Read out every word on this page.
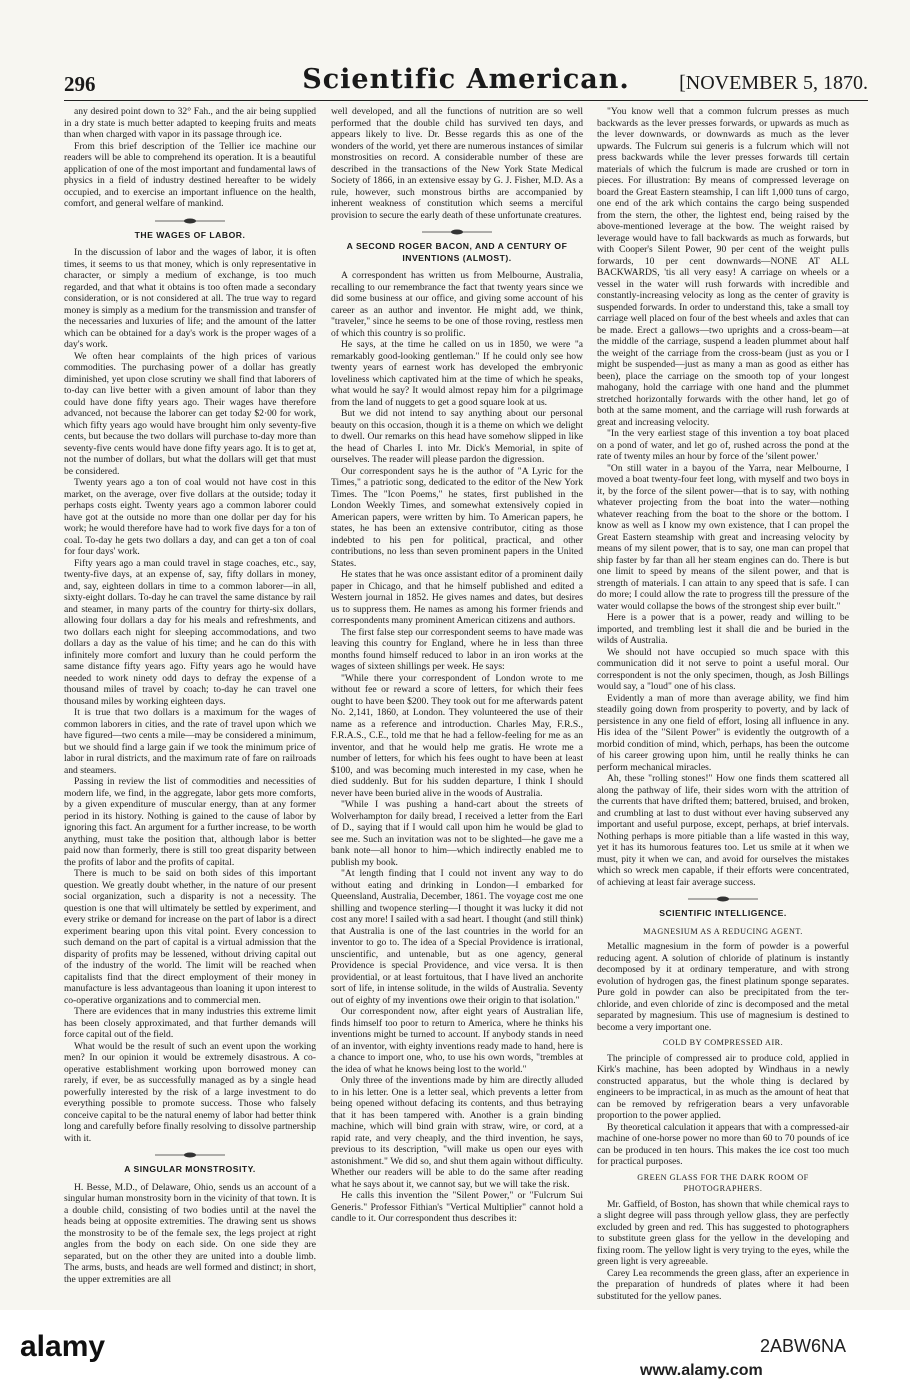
296	Scientific American.	[NOVEMBER 5, 1870.

any desired point down to 32° Fah., and the air being supplied in a dry state is much better adapted to keeping fruits and meats than when charged with vapor in its passage through ice.

From this brief description of the Tellier ice machine our readers will be able to comprehend its operation. It is a beautiful application of one of the most important and fundamental laws of physics in a field of industry destined hereafter to be widely occupied, and to exercise an important influence on the health, comfort, and general welfare of mankind.

THE WAGES OF LABOR.

In the discussion of labor and the wages of labor, it is often times, it seems to us that money, which is only representative in character, or simply a medium of exchange, is too much regarded, and that what it obtains is too often made a secondary consideration, or is not considered at all. The true way to regard money is simply as a medium for the transmission and transfer of the necessaries and luxuries of life; and the amount of the latter which can be obtained for a day's work is the proper wages of a day's work.

We often hear complaints of the high prices of various commodities. The purchasing power of a dollar has greatly diminished, yet upon close scrutiny we shall find that laborers of to-day can live better with a given amount of labor than they could have done fifty years ago. Their wages have therefore advanced, not because the laborer can get today $2·00 for work, which fifty years ago would have brought him only seventy-five cents, but because the two dollars will purchase to-day more than seventy-five cents would have done fifty years ago. It is to get at, not the number of dollars, but what the dollars will get that must be considered.

Twenty years ago a ton of coal would not have cost in this market, on the average, over five dollars at the outside; today it perhaps costs eight. Twenty years ago a common laborer could have got at the outside no more than one dollar per day for his work; he would therefore have had to work five days for a ton of coal. To-day he gets two dollars a day, and can get a ton of coal for four days' work.

Fifty years ago a man could travel in stage coaches, etc., say, twenty-five days, at an expense of, say, fifty dollars in money, and, say, eighteen dollars in time to a common laborer—in all, sixty-eight dollars. To-day he can travel the same distance by rail and steamer, in many parts of the country for thirty-six dollars, allowing four dollars a day for his meals and refreshments, and two dollars each night for sleeping accommodations, and two dollars a day as the value of his time; and he can do this with infinitely more comfort and luxury than he could perform the same distance fifty years ago. Fifty years ago he would have needed to work ninety odd days to defray the expense of a thousand miles of travel by coach; to-day he can travel one thousand miles by working eighteen days.

It is true that two dollars is a maximum for the wages of common laborers in cities, and the rate of travel upon which we have figured—two cents a mile—may be considered a minimum, but we should find a large gain if we took the minimum price of labor in rural districts, and the maximum rate of fare on railroads and steamers.

Passing in review the list of commodities and necessities of modern life, we find, in the aggregate, labor gets more comforts, by a given expenditure of muscular energy, than at any former period in its history. Nothing is gained to the cause of labor by ignoring this fact. An argument for a further increase, to be worth anything, must take the position that, although labor is better paid now than formerly, there is still too great disparity between the profits of labor and the profits of capital.

There is much to be said on both sides of this important question. We greatly doubt whether, in the nature of our present social organization, such a disparity is not a necessity. The question is one that will ultimately be settled by experiment, and every strike or demand for increase on the part of labor is a direct experiment bearing upon this vital point. Every concession to such demand on the part of capital is a virtual admission that the disparity of profits may be lessened, without driving capital out of the industry of the world. The limit will be reached when capitalists find that the direct employment of their money in manufacture is less advantageous than loaning it upon interest to co-operative organizations and to commercial men.

There are evidences that in many industries this extreme limit has been closely approximated, and that further demands will force capital out of the field.

What would be the result of such an event upon the working men? In our opinion it would be extremely disastrous. A co-operative establishment working upon borrowed money can rarely, if ever, be as successfully managed as by a single head powerfully interested by the risk of a large investment to do everything possible to promote success. Those who falsely conceive capital to be the natural enemy of labor had better think long and carefully before finally resolving to dissolve partnership with it.

A SINGULAR MONSTROSITY.

H. Besse, M.D., of Delaware, Ohio, sends us an account of a singular human monstrosity born in the vicinity of that town. It is a double child, consisting of two bodies until at the navel the heads being at opposite extremities. The drawing sent us shows the monstrosity to be of the female sex, the legs project at right angles from the body on each side. On one side they are separated, but on the other they are united into a double limb. The arms, busts, and heads are well formed and distinct; in short, the upper extremities are all

well developed, and all the functions of nutrition are so well performed that the double child has survived ten days, and appears likely to live. Dr. Besse regards this as one of the wonders of the world, yet there are numerous instances of similar monstrosities on record. A considerable number of these are described in the transactions of the New York State Medical Society of 1866, in an extensive essay by G. J. Fisher, M.D. As a rule, however, such monstrous births are accompanied by inherent weakness of constitution which seems a merciful provision to secure the early death of these unfortunate creatures.

A SECOND ROGER BACON, AND A CENTURY OF INVENTIONS (ALMOST).

A correspondent has written us from Melbourne, Australia, recalling to our remembrance the fact that twenty years since we did some business at our office, and giving some account of his career as an author and inventor. He might add, we think, "traveler," since he seems to be one of those roving, restless men of which this country is so prolific.

He says, at the time he called on us in 1850, we were "a remarkably good-looking gentleman." If he could only see how twenty years of earnest work has developed the embryonic loveliness which captivated him at the time of which he speaks, what would he say? It would almost repay him for a pilgrimage from the land of nuggets to get a good square look at us.

But we did not intend to say anything about our personal beauty on this occasion, though it is a theme on which we delight to dwell. Our remarks on this head have somehow slipped in like the head of Charles I. into Mr. Dick's Memorial, in spite of ourselves. The reader will please pardon the digression.

Our correspondent says he is the author of "A Lyric for the Times," a patriotic song, dedicated to the editor of the New York Times. The "Icon Poems," he states, first published in the London Weekly Times, and somewhat extensively copied in American papers, were written by him. To American papers, he states, he has been an extensive contributor, citing as those indebted to his pen for political, practical, and other contributions, no less than seven prominent papers in the United States.

He states that he was once assistant editor of a prominent daily paper in Chicago, and that he himself published and edited a Western journal in 1852. He gives names and dates, but desires us to suppress them. He names as among his former friends and correspondents many prominent American citizens and authors.

The first false step our correspondent seems to have made was leaving this country for England, where he in less than three months found himself reduced to labor in an iron works at the wages of sixteen shillings per week. He says:

"While there your correspondent of London wrote to me without fee or reward a score of letters, for which their fees ought to have been $200. They took out for me afterwards patent No. 2,141, 1860, at London. They volunteered the use of their name as a reference and introduction. Charles May, F.R.S., F.R.A.S., C.E., told me that he had a fellow-feeling for me as an inventor, and that he would help me gratis. He wrote me a number of letters, for which his fees ought to have been at least $100, and was becoming much interested in my case, when he died suddenly. But for his sudden departure, I think I should never have been buried alive in the woods of Australia.

"While I was pushing a hand-cart about the streets of Wolverhampton for daily bread, I received a letter from the Earl of D., saying that if I would call upon him he would be glad to see me. Such an invitation was not to be slighted—he gave me a bank note—all honor to him—which indirectly enabled me to publish my book.

"At length finding that I could not invent any way to do without eating and drinking in London—I embarked for Queensland, Australia, December, 1861. The voyage cost me one shilling and twopence sterling—I thought it was lucky it did not cost any more! I sailed with a sad heart. I thought (and still think) that Australia is one of the last countries in the world for an inventor to go to. The idea of a Special Providence is irrational, unscientific, and untenable, but as one agency, general Providence is special Providence, and vice versa. It is then providential, or at least fortuitous, that I have lived an anchorite sort of life, in intense solitude, in the wilds of Australia. Seventy out of eighty of my inventions owe their origin to that isolation."

Our correspondent now, after eight years of Australian life, finds himself too poor to return to America, where he thinks his inventions might be turned to account. If anybody stands in need of an inventor, with eighty inventions ready made to hand, here is a chance to import one, who, to use his own words, "trembles at the idea of what he knows being lost to the world."

Only three of the inventions made by him are directly alluded to in his letter. One is a letter seal, which prevents a letter from being opened without defacing its contents, and thus betraying that it has been tampered with. Another is a grain binding machine, which will bind grain with straw, wire, or cord, at a rapid rate, and very cheaply, and the third invention, he says, previous to its description, "will make us open our eyes with astonishment." We did so, and shut them again without difficulty. Whether our readers will be able to do the same after reading what he says about it, we cannot say, but we will take the risk.

He calls this invention the "Silent Power," or "Fulcrum Sui Generis." Professor Fithian's "Vertical Multiplier" cannot hold a candle to it. Our correspondent thus describes it:

"You know well that a common fulcrum presses as much backwards as the lever presses forwards, or upwards as much as the lever downwards, or downwards as much as the lever upwards. The Fulcrum sui generis is a fulcrum which will not press backwards while the lever presses forwards till certain materials of which the fulcrum is made are crushed or torn in pieces. For illustration: By means of compressed leverage on board the Great Eastern steamship, I can lift 1,000 tuns of cargo, one end of the ark which contains the cargo being suspended from the stern, the other, the lightest end, being raised by the above-mentioned leverage at the bow. The weight raised by leverage would have to fall backwards as much as forwards, but with Cooper's Silent Power, 90 per cent of the weight pulls forwards, 10 per cent downwards—NONE AT ALL BACKWARDS, 'tis all very easy! A carriage on wheels or a vessel in the water will rush forwards with incredible and constantly-increasing velocity as long as the center of gravity is suspended forwards. In order to understand this, take a small toy carriage well placed on four of the best wheels and axles that can be made. Erect a gallows—two uprights and a cross-beam—at the middle of the carriage, suspend a leaden plummet about half the weight of the carriage from the cross-beam (just as you or I might be suspended—just as many a man as good as either has been), place the carriage on the smooth top of your longest mahogany, hold the carriage with one hand and the plummet stretched horizontally forwards with the other hand, let go of both at the same moment, and the carriage will rush forwards at great and increasing velocity.

"In the very earliest stage of this invention a toy boat placed on a pond of water, and let go of, rushed across the pond at the rate of twenty miles an hour by force of the 'silent power.'

"On still water in a bayou of the Yarra, near Melbourne, I moved a boat twenty-four feet long, with myself and two boys in it, by the force of the silent power—that is to say, with nothing whatever projecting from the boat into the water—nothing whatever reaching from the boat to the shore or the bottom. I know as well as I know my own existence, that I can propel the Great Eastern steamship with great and increasing velocity by means of my silent power, that is to say, one man can propel that ship faster by far than all her steam engines can do. There is but one limit to speed by means of the silent power, and that is strength of materials. I can attain to any speed that is safe. I can do more; I could allow the rate to progress till the pressure of the water would collapse the bows of the strongest ship ever built."

Here is a power that is a power, ready and willing to be imported, and trembling lest it shall die and be buried in the wilds of Australia.

We should not have occupied so much space with this communication did it not serve to point a useful moral. Our correspondent is not the only specimen, though, as Josh Billings would say, a "loud" one of his class.

Evidently a man of more than average ability, we find him steadily going down from prosperity to poverty, and by lack of persistence in any one field of effort, losing all influence in any. His idea of the "Silent Power" is evidently the outgrowth of a morbid condition of mind, which, perhaps, has been the outcome of his career growing upon him, until he really thinks he can perform mechanical miracles.

Ah, these "rolling stones!" How one finds them scattered all along the pathway of life, their sides worn with the attrition of the currents that have drifted them; battered, bruised, and broken, and crumbling at last to dust without ever having subserved any important and useful purpose, except, perhaps, at brief intervals. Nothing perhaps is more pitiable than a life wasted in this way, yet it has its humorous features too. Let us smile at it when we must, pity it when we can, and avoid for ourselves the mistakes which so wreck men capable, if their efforts were concentrated, of achieving at least fair average success.

SCIENTIFIC INTELLIGENCE.
MAGNESIUM AS A REDUCING AGENT.

Metallic magnesium in the form of powder is a powerful reducing agent. A solution of chloride of platinum is instantly decomposed by it at ordinary temperature, and with strong evolution of hydrogen gas, the finest platinum sponge separates. Pure gold in powder can also be precipitated from the ter-chloride, and even chloride of zinc is decomposed and the metal separated by magnesium. This use of magnesium is destined to become a very important one.

COLD BY COMPRESSED AIR.

The principle of compressed air to produce cold, applied in Kirk's machine, has been adopted by Windhaus in a newly constructed apparatus, but the whole thing is declared by engineers to be impractical, in as much as the amount of heat that can be removed by refrigeration bears a very unfavorable proportion to the power applied.

By theoretical calculation it appears that with a compressed-air machine of one-horse power no more than 60 to 70 pounds of ice can be produced in ten hours. This makes the ice cost too much for practical purposes.

GREEN GLASS FOR THE DARK ROOM OF PHOTOGRAPHERS.

Mr. Gaffield, of Boston, has shown that while chemical rays to a slight degree will pass through yellow glass, they are perfectly excluded by green and red. This has suggested to photographers to substitute green glass for the yellow in the developing and fixing room. The yellow light is very trying to the eyes, while the green light is very agreeable.

Carey Lea recommends the green glass, after an experience in the preparation of hundreds of plates where it had been substituted for the yellow panes.

alamy	2ABW6NA
www.alamy.com
